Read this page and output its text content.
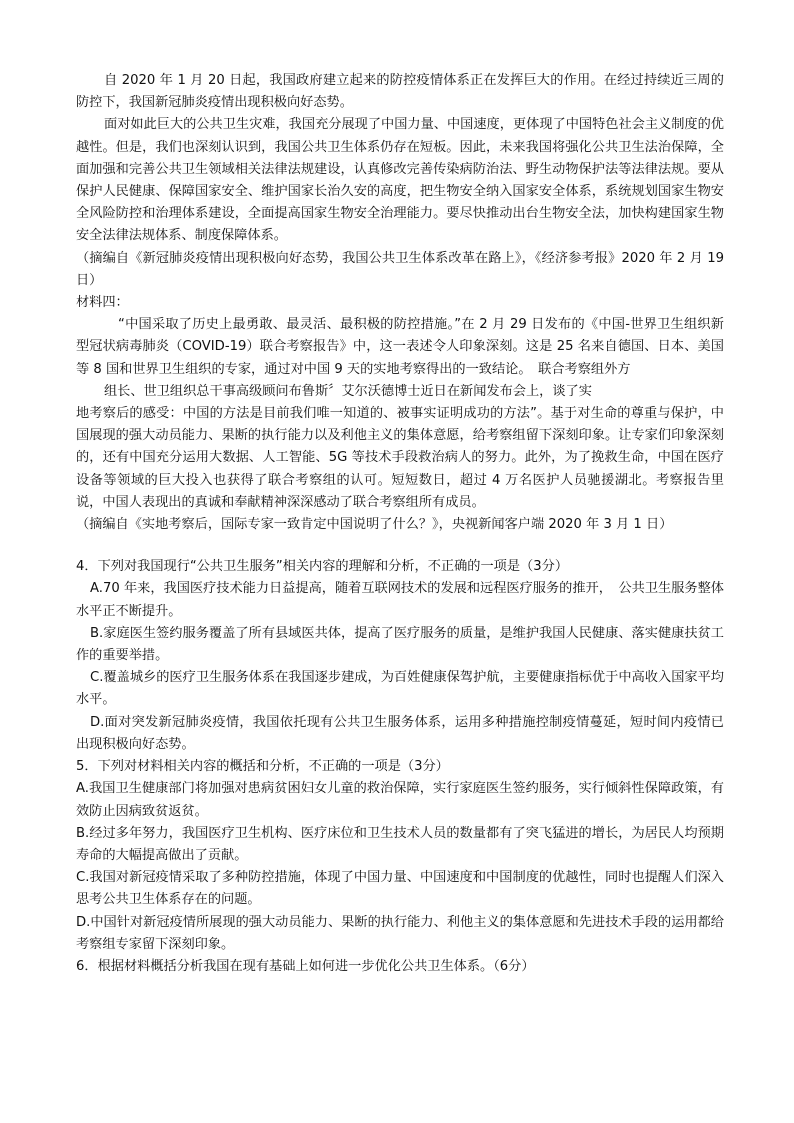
自 2020 年 1 月 20 日起，我国政府建立起来的防控疫情体系正在发挥巨大的作用。在经过持续近三周的防控下，我国新冠肺炎疫情出现积极向好态势。

面对如此巨大的公共卫生灾难，我国充分展现了中国力量、中国速度，更体现了中国特色社会主义制度的优越性。但是，我们也深刻认识到，我国公共卫生体系仍存在短板。因此，未来我国将强化公共卫生法治保障，全面加强和完善公共卫生领域相关法律法规建设，认真修改完善传染病防治法、野生动物保护法等法律法规。要从保护人民健康、保障国家安全、维护国家长治久安的高度，把生物安全纳入国家安全体系，系统规划国家生物安全风险防控和治理体系建设，全面提高国家生物安全治理能力。要尽快推动出台生物安全法，加快构建国家生物安全法律法规体系、制度保障体系。

（摘编自《新冠肺炎疫情出现积极向好态势，我国公共卫生体系改革在路上》，《经济参考报》2020 年 2 月 19 日）

材料四：

“中国采取了历史上最勇敢、最灵活、最积极的防控措施。”在 2 月 29 日发布的《中国-世界卫生组织新型冠状病毒肺炎（COVID-19）联合考察报告》中，这一表述令人印象深刻。这是 25 名来自德国、日本、美国等 8 国和世界卫生组织的专家，通过对中国 9 天的实地考察得出的一致结论。　联合考察组外方

组长、世卫组织总干事高级顾问布鲁斯〞艾尔沃德博士近日在新闻发布会上，谈了实

地考察后的感受：中国的方法是目前我们唯一知道的、被事实证明成功的方法”。基于对生命的尊重与保护，中国展现的强大动员能力、果断的执行能力以及利他主义的集体意愿，给考察组留下深刻印象。让专家们印象深刻的，还有中国充分运用大数据、人工智能、5G 等技术手段救治病人的努力。此外，为了挽救生命，中国在医疗设备等领域的巨大投入也获得了联合考察组的认可。短短数日，超过 4 万名医护人员驰援湖北。考察报告里说，中国人表现出的真诚和奉献精神深深感动了联合考察组所有成员。

（摘编自《实地考察后，国际专家一致肯定中国说明了什么？》，央视新闻客户端 2020 年 3 月 1 日）

4．下列对我国现行“公共卫生服务”相关内容的理解和分析，不正确的一项是（3分）

A.70 年来，我国医疗技术能力日益提高，随着互联网技术的发展和远程医疗服务的推开，　公共卫生服务整体水平正不断提升。

B.家庭医生签约服务覆盖了所有县域医共体，提高了医疗服务的质量，是维护我国人民健康、落实健康扶贫工作的重要举措。

C.覆盖城乡的医疗卫生服务体系在我国逐步建成，为百姓健康保驾护航，主要健康指标优于中高收入国家平均水平。

D.面对突发新冠肺炎疫情，我国依托现有公共卫生服务体系，运用多种措施控制疫情蔓延，短时间内疫情已出现积极向好态势。

5．下列对材料相关内容的概括和分析，不正确的一项是（3分）

A.我国卫生健康部门将加强对患病贫困妇女儿童的救治保障，实行家庭医生签约服务，实行倾斜性保障政策，有效防止因病致贫返贫。

B.经过多年努力，我国医疗卫生机构、医疗床位和卫生技术人员的数量都有了突飞猛进的增长，为居民人均预期寿命的大幅提高做出了贡献。

C.我国对新冠疫情采取了多种防控措施，体现了中国力量、中国速度和中国制度的优越性，同时也提醒人们深入思考公共卫生体系存在的问题。

D.中国针对新冠疫情所展现的强大动员能力、果断的执行能力、利他主义的集体意愿和先进技术手段的运用都给考察组专家留下深刻印象。

6．根据材料概括分析我国在现有基础上如何进一步优化公共卫生体系。（6分）
